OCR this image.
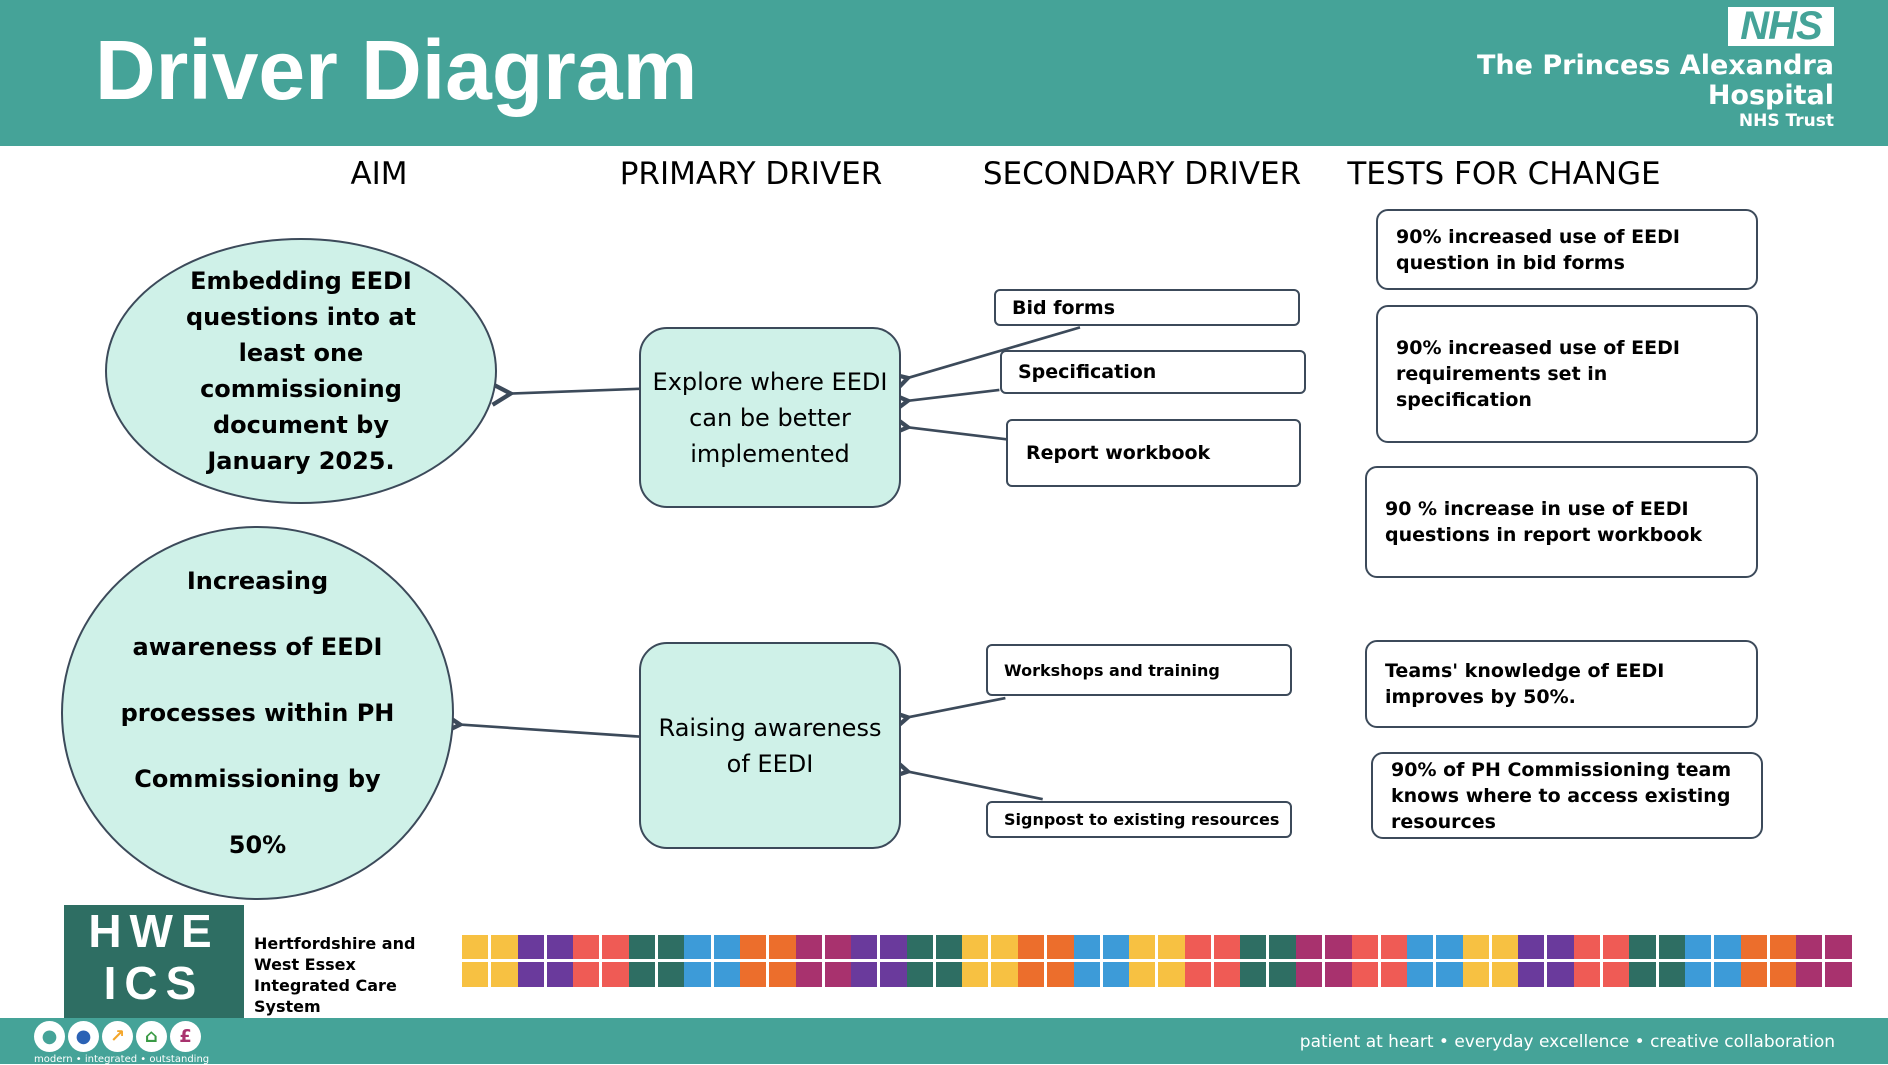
Driver Diagram	NHS
The Princess Alexandra
Hospital
NHS Trust
AIM	PRIMARY DRIVER	SECONDARY DRIVER TESTS FOR CHANGE
Embedding EEDI questions into at least one commissioning document by January 2025.
Increasing
awareness of EEDI
processes within PH
Commissioning by
50%
Explore where EEDI can be better implemented
Raising awareness of EEDI
Bid forms
Specification
Report workbook
Workshops and training
Signpost to existing resources
90% increased use of EEDI question in bid forms
90% increased use of EEDI requirements set in specification
90 % increase in use of EEDI questions in report workbook
Teams' knowledge of EEDI improves by 50%.
90% of PH Commissioning team knows where to access existing resources
HWE ICS
Hertfordshire and West Essex Integrated Care System
●	●​	↗	⌂	£
modern • integrated • outstanding
patient at heart • everyday excellence • creative collaboration
